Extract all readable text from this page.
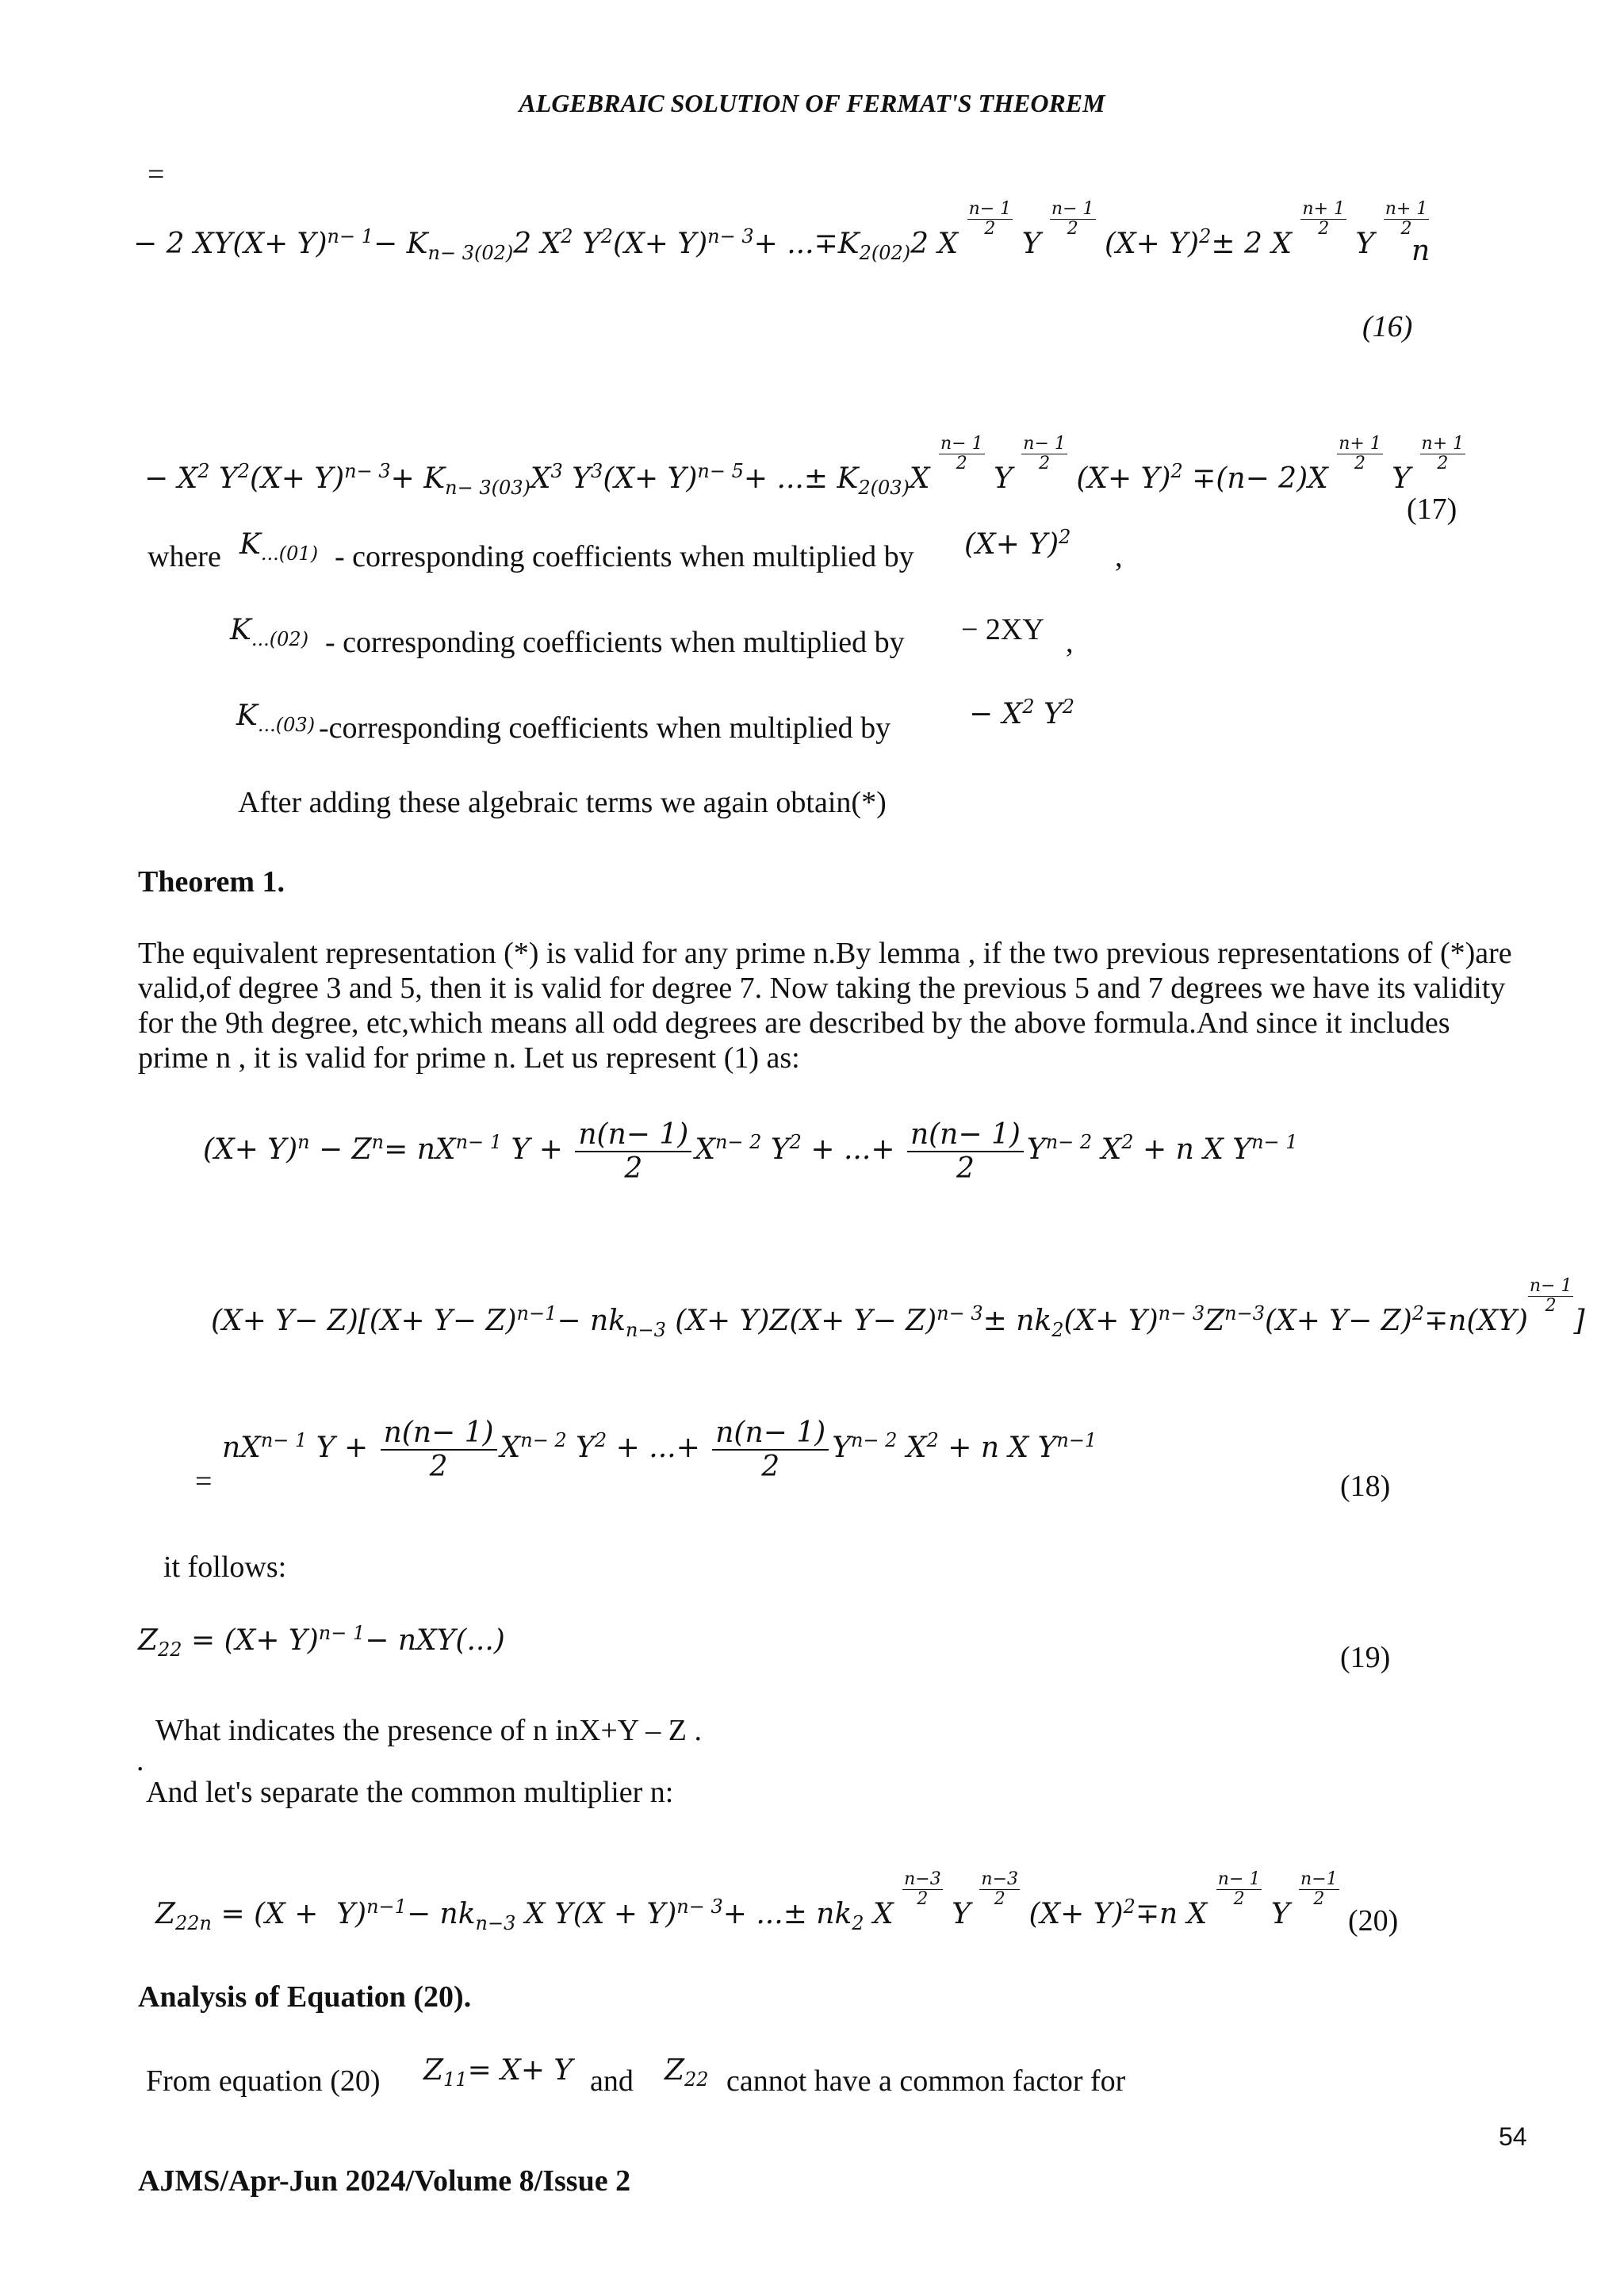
ALGEBRAIC SOLUTION OF FERMAT'S THEOREM
=
− 2 $XY(X+ Y)^{n- 1}- K_{n- 3(02)}2$ $X^2$ $Y^2(X+ Y)^{n- 3}+ ...\mp K_{2(02)}2$ X
$\frac{n- 1}{2}$
Y
$\frac{n- 1}{2}$
$(X+ Y)^2\pm 2$ X
$\frac{n+ 1}{2}$
Y
$\frac{n+ 1}{2}$
n
(16)
− $X^2$ $Y^2(X+ Y)^{n- 3}+ K_{n- 3(03)}X^3$ $Y^3(X+ Y)^{n- 5}+$ ...± $K_{2(03)}X$
$\frac{n- 1}{2}$
Y
$\frac{n- 1}{2}$
$(X+ Y)^2 \mp(n- 2)X$
$\frac{n+ 1}{2}$
Y
$\frac{n+ 1}{2}$
(17)
where $K_{...(01)}$ - corresponding coefficients when multiplied by $(X+ Y)^2$
,
$K_{...(02)}$ - corresponding coefficients when multiplied by − 2XY ,
$K_{...(03)}$ -corresponding coefficients when multiplied by	− $X^2$ $Y^2$
After adding these algebraic terms we again obtain(*)
Theorem 1.
The equivalent representation (*) is valid for any prime n.By lemma , if the two previous representations of (*)are valid,of degree 3 and 5, then it is valid for degree 7. Now taking the previous 5 and 7 degrees we have its validity for the 9th degree, etc,which means all odd degrees are described by the above formula.And since it includes prime n , it is valid for prime n. Let us represent (1) as:
$(X+ Y)^n - Z^n= nX^{n- 1}$ $Y + \frac{n(n- 1)}{2} X^{n- 2}$ $Y^2$ + ...+ $\frac{n(n- 1)}{2} Y^{n- 2}$ $X^2 + n$ X $Y^{n- 1}$
$(X+ Y- Z)[(X+ Y- Z)^{n-1}- nk_{n-3}$ $(X+ Y)Z(X+ Y- Z)^{n- 3}\pm nk_2(X+ Y)^{n- 3}Z^{n-3}(X+ Y- Z)^2\mp n(XY)$
$\frac{n- 1}{2}$
]
$nX^{n- 1}$ $Y + \frac{n(n- 1)}{2} X^{n- 2}$ $Y^2$ + ...+ $\frac{n(n- 1)}{2} Y^{n- 2}$ $X^2 + n$ X $Y^{n-1}$
=	(18)
it follows:
$Z_{22} = (X+ Y)^{n- 1}- nXY(...)$
(19)
What indicates the presence of n inX+Y – Z .
.
And let's separate the common multiplier n:
$Z_{22n} = (X + Y)^{n-1}- nk_{n-3}$ X $Y(X + Y)^{n- 3}+$ ...± $nk_2$ X
$\frac{n-3}{2}$
Y
$\frac{n-3}{2}$
$(X+ Y)^2\mp n$ X
$\frac{n- 1}{2}$
Y
$\frac{n-1}{2}$
(20)
Analysis of Equation (20).
From equation (20) $Z_{11}= X+ Y$ and $Z_{22}$ cannot have a common factor for
54
AJMS/Apr-Jun 2024/Volume 8/Issue 2
